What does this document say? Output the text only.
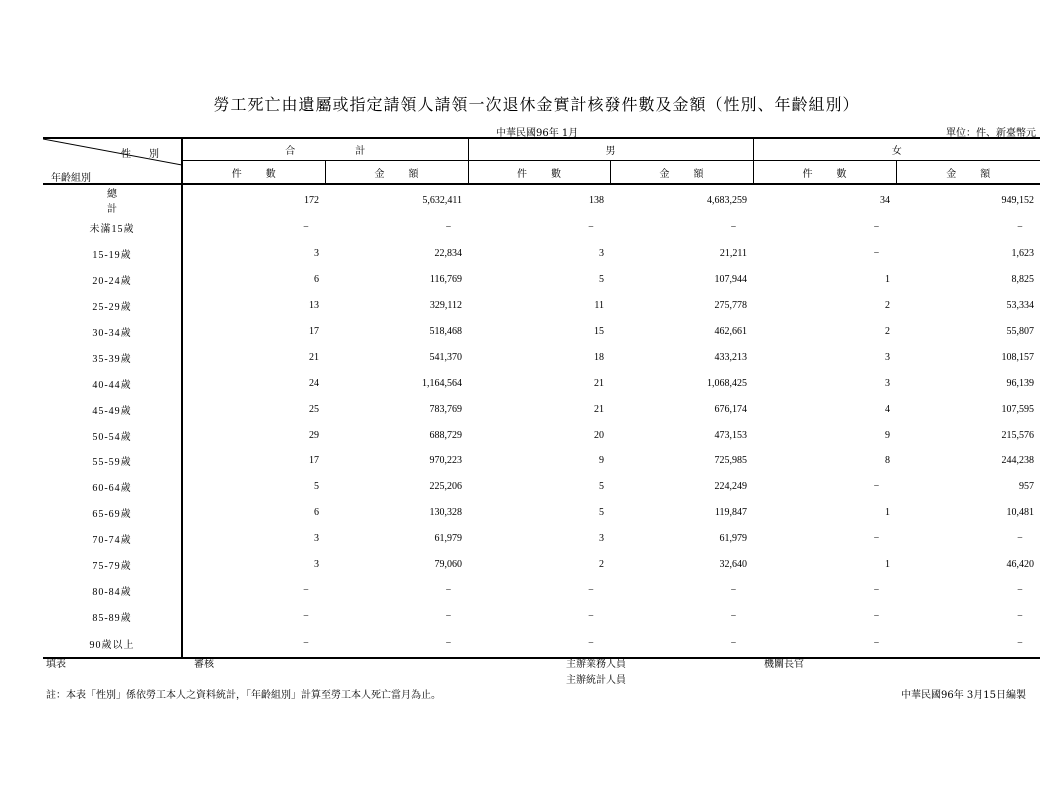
勞工死亡由遺屬或指定請領人請領一次退休金實計核發件數及金額（性別、年齡組別）
中華民國96年 1月	單位：件、新臺幣元
性別
年齡組別	合計		男		女	
	件數	金額	件數	金額	件數	金額
總計	172	5,632,411	138	4,683,259	34	949,152
未滿15歲	−	−	−	−	−	−
15-19歲	3	22,834	3	21,211	−	1,623
20-24歲	6	116,769	5	107,944	1	8,825
25-29歲	13	329,112	11	275,778	2	53,334
30-34歲	17	518,468	15	462,661	2	55,807
35-39歲	21	541,370	18	433,213	3	108,157
40-44歲	24	1,164,564	21	1,068,425	3	96,139
45-49歲	25	783,769	21	676,174	4	107,595
50-54歲	29	688,729	20	473,153	9	215,576
55-59歲	17	970,223	9	725,985	8	244,238
60-64歲	5	225,206	5	224,249	−	957
65-69歲	6	130,328	5	119,847	1	10,481
70-74歲	3	61,979	3	61,979	−	−
75-79歲	3	79,060	2	32,640	1	46,420
80-84歲	−	−	−	−	−	−
85-89歲	−	−	−	−	−	−
90歲以上	−	−	−	−	−	−
填表	審核	主辦業務人員	機關長官
主辦統計人員
註：本表「性別」係依勞工本人之資料統計，「年齡組別」計算至勞工本人死亡當月為止。	中華民國96年 3月15日編製
